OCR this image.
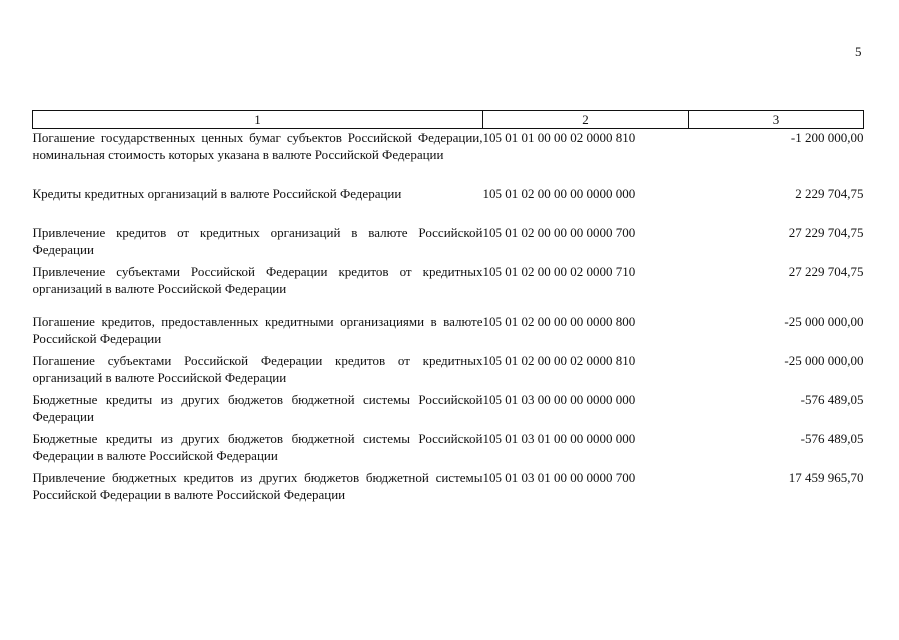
5
1	2	3
Погашение государственных ценных бумаг субъектов Российской Федерации, номинальная стоимость которых указана в валюте Российской Федерации	105 01 01 00 00 02 0000 810	-1 200 000,00
Кредиты кредитных организаций в валюте Российской Федерации	105 01 02 00 00 00 0000 000	2 229 704,75
Привлечение кредитов от кредитных организаций в валюте Российской Федерации	105 01 02 00 00 00 0000 700	27 229 704,75
Привлечение субъектами Российской Федерации кредитов от кредитных организаций в валюте Российской Федерации	105 01 02 00 00 02 0000 710	27 229 704,75
Погашение кредитов, предоставленных кредитными организациями в валюте Российской Федерации	105 01 02 00 00 00 0000 800	-25 000 000,00
Погашение субъектами Российской Федерации кредитов от кредитных организаций в валюте Российской Федерации	105 01 02 00 00 02 0000 810	-25 000 000,00
Бюджетные кредиты из других бюджетов бюджетной системы Российской Федерации	105 01 03 00 00 00 0000 000	-576 489,05
Бюджетные кредиты из других бюджетов бюджетной системы Российской Федерации в валюте Российской Федерации	105 01 03 01 00 00 0000 000	-576 489,05
Привлечение бюджетных кредитов из других бюджетов бюджетной системы Российской Федерации в валюте Российской Федерации	105 01 03 01 00 00 0000 700	17 459 965,70
